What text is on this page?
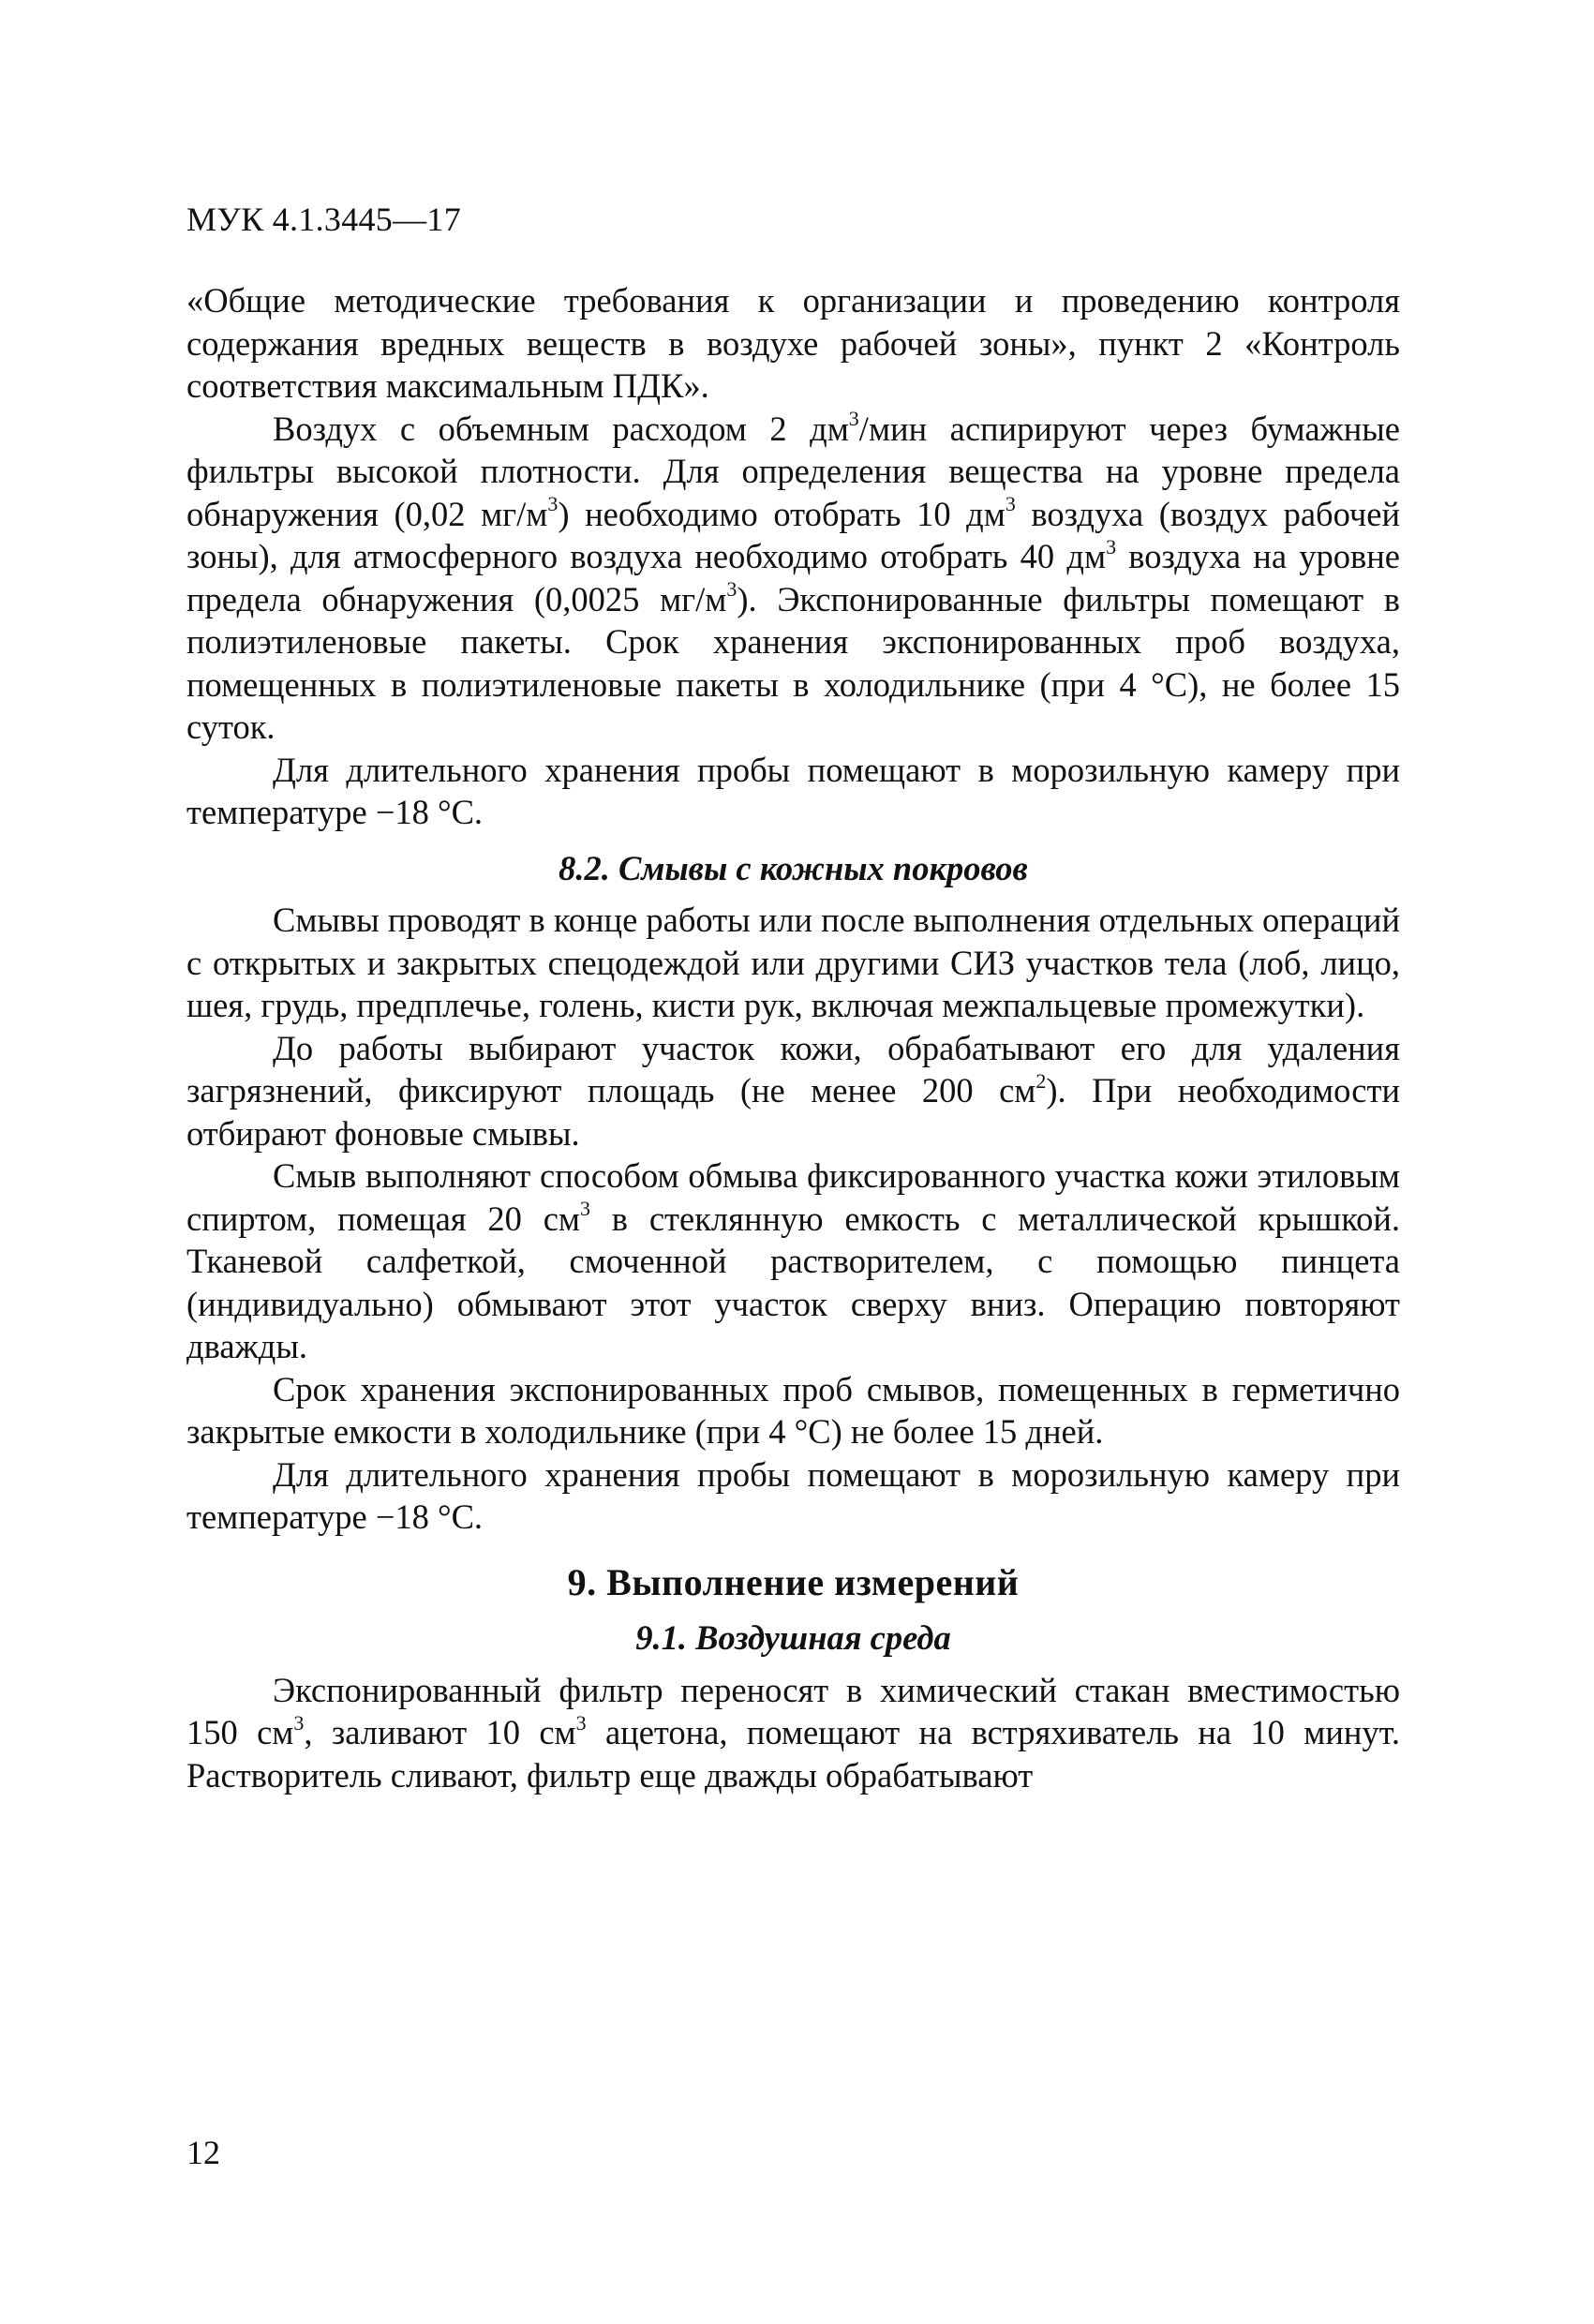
МУК 4.1.3445—17

«Общие методические требования к организации и проведению контроля содержания вредных веществ в воздухе рабочей зоны», пункт 2 «Контроль соответствия максимальным ПДК».

Воздух с объемным расходом 2 $дм^3$/мин аспирируют через бумажные фильтры высокой плотности. Для определения вещества на уровне предела обнаружения (0,02 $мг/м^3$) необходимо отобрать 10 $дм^3$ воздуха (воздух рабочей зоны), для атмосферного воздуха необходимо отобрать 40 $дм^3$ воздуха на уровне предела обнаружения (0,0025 $мг/м^3$). Экспонированные фильтры помещают в полиэтиленовые пакеты. Срок хранения экспонированных проб воздуха, помещенных в полиэтиленовые пакеты в холодильнике (при 4 °С), не более 15 суток.

Для длительного хранения пробы помещают в морозильную камеру при температуре −18 °С.

8.2. Смывы с кожных покровов

Смывы проводят в конце работы или после выполнения отдельных операций с открытых и закрытых спецодеждой или другими СИЗ участков тела (лоб, лицо, шея, грудь, предплечье, голень, кисти рук, включая межпальцевые промежутки).

До работы выбирают участок кожи, обрабатывают его для удаления загрязнений, фиксируют площадь (не менее 200 $см^2$). При необходимости отбирают фоновые смывы.

Смыв выполняют способом обмыва фиксированного участка кожи этиловым спиртом, помещая 20 $см^3$ в стеклянную емкость с металлической крышкой. Тканевой салфеткой, смоченной растворителем, с помощью пинцета (индивидуально) обмывают этот участок сверху вниз. Операцию повторяют дважды.

Срок хранения экспонированных проб смывов, помещенных в герметично закрытые емкости в холодильнике (при 4 °С) не более 15 дней.

Для длительного хранения пробы помещают в морозильную камеру при температуре −18 °С.

9. Выполнение измерений
9.1. Воздушная среда

Экспонированный фильтр переносят в химический стакан вместимостью 150 $см^3$, заливают 10 $см^3$ ацетона, помещают на встряхиватель на 10 минут. Растворитель сливают, фильтр еще дважды обрабатывают

12
